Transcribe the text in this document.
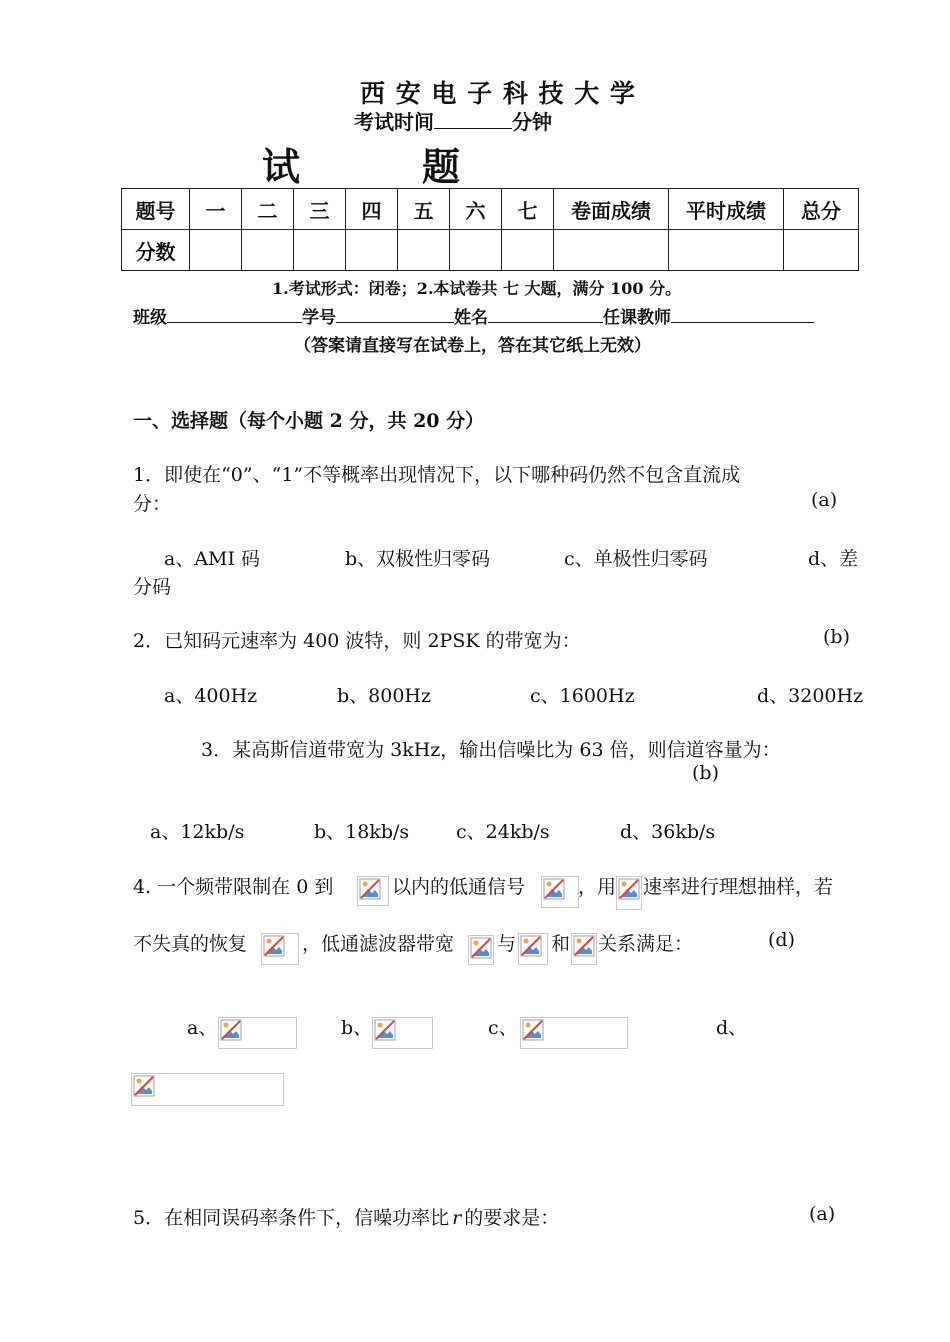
西 安 电 子 科 技 大 学
考试时间	分钟
试	题
题号	一	二	三	四	五	六	七	卷面成绩	平时成绩	总分
分数										
1.考试形式：闭卷；2.本试卷共 七 大题，满分 100 分。
班级	学号	姓名	任课教师
（答案请直接写在试卷上，答在其它纸上无效）
一、选择题（每个小题 2 分，共 20 分）
1．即使在“0”、“1”不等概率出现情况下，以下哪种码仍然不包含直流成
分：	(a)
a、AMI 码	b、双极性归零码	c、单极性归零码	d、差
分码
2．已知码元速率为 400 波特，则 2PSK 的带宽为：	(b)
a、400Hz	b、800Hz	c、1600Hz	d、3200Hz
3．某高斯信道带宽为 3kHz，输出信噪比为 63 倍，则信道容量为：
(b)
a、12kb/s	b、18kb/s c、24kb/s	d、36kb/s
4. 一个频带限制在 0 到	以内的低通信号	，用 速率进行理想抽样，若
不失真的恢复	，低通滤波器带宽 与 和 关系满足：	(d)
a、	b、	c、	d、
5．在相同误码率条件下，信噪功率比 r 的要求是：	(a)
